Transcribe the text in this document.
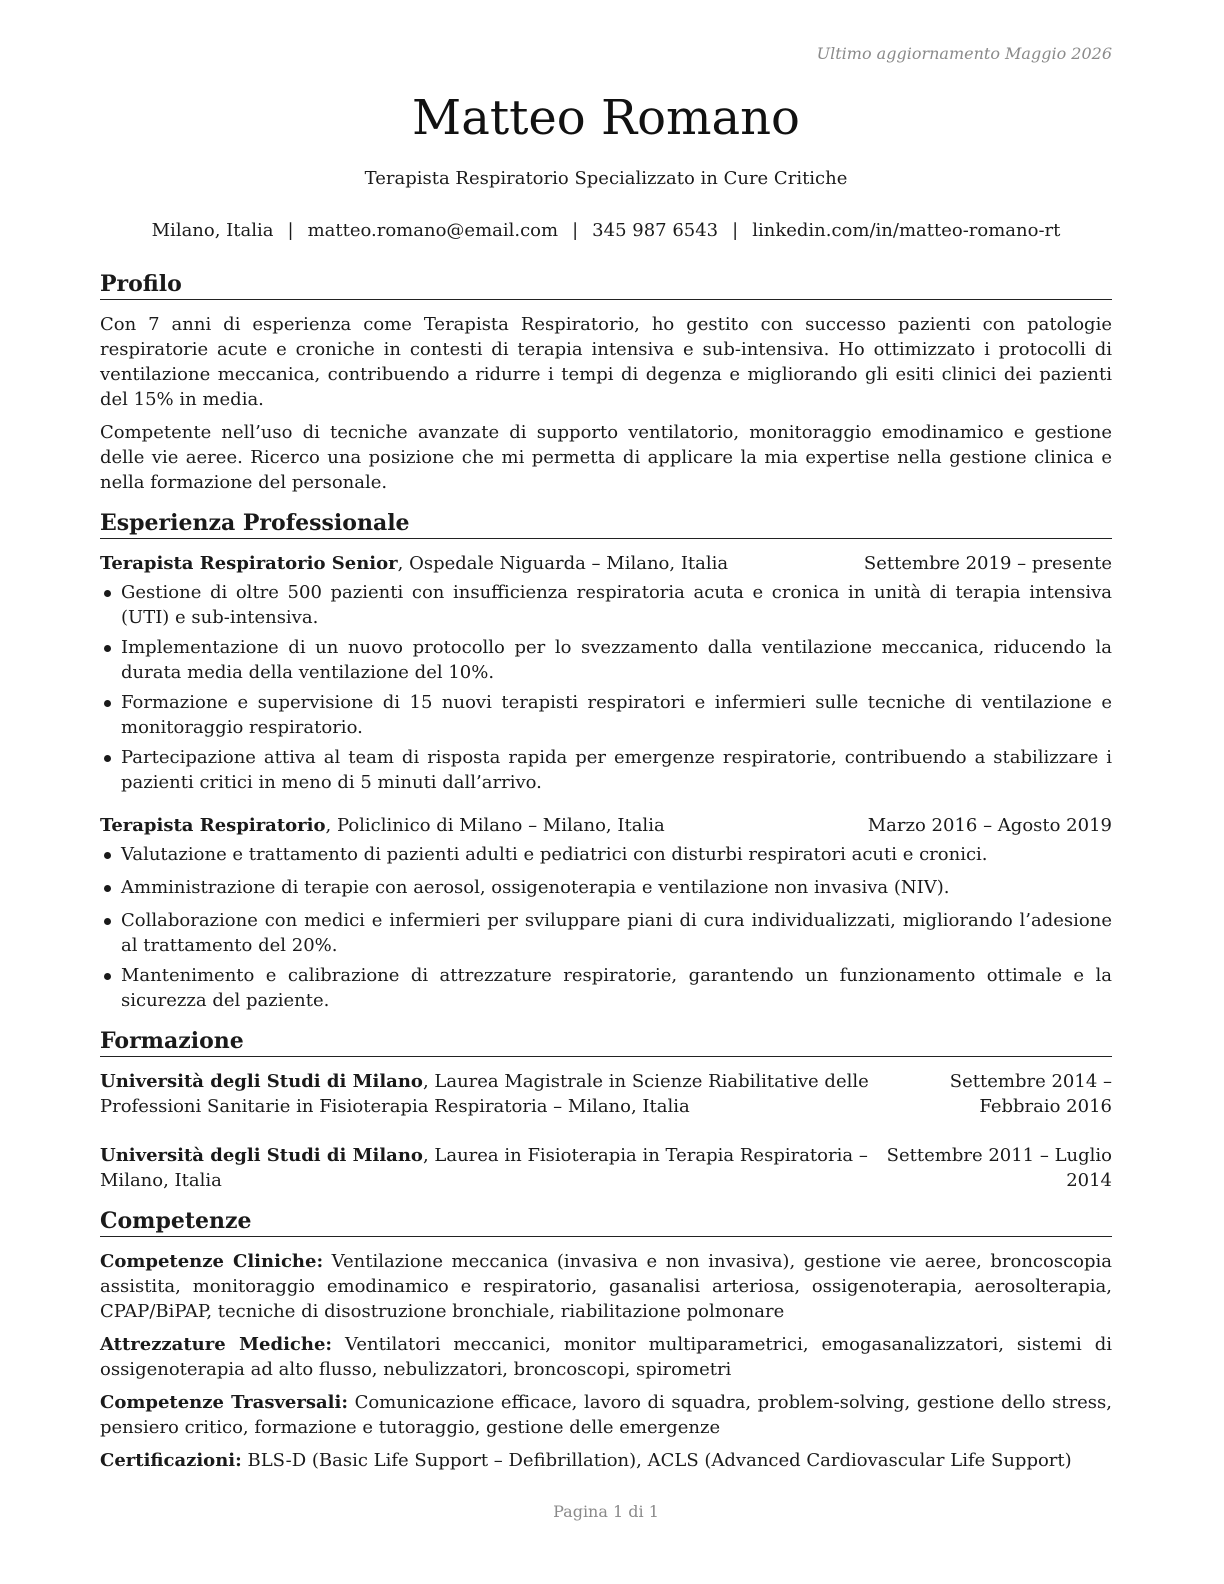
Ultimo aggiornamento Maggio 2026
Matteo Romano
Terapista Respiratorio Specializzato in Cure Critiche
Milano, Italia | matteo.romano@email.com | 345 987 6543 | linkedin.com/in/matteo-romano-rt
Profilo

Con 7 anni di esperienza come Terapista Respiratorio, ho gestito con successo pazienti con patologie respiratorie acute e croniche in contesti di terapia intensiva e sub-intensiva. Ho ottimizzato i protocolli di ventilazione meccanica, contribuendo a ridurre i tempi di degenza e migliorando gli esiti clinici dei pazienti del 15% in media.

Competente nell’uso di tecniche avanzate di supporto ventilatorio, monitoraggio emodinamico e gestione delle vie aeree. Ricerco una posizione che mi permetta di applicare la mia expertise nella gestione clinica e nella formazione del personale.

Esperienza Professionale
Terapista Respiratorio Senior, Ospedale Niguarda – Milano, Italia	Settembre 2019 – presente
Gestione di oltre 500 pazienti con insufficienza respiratoria acuta e cronica in unità di terapia intensiva (UTI) e sub-intensiva.
Implementazione di un nuovo protocollo per lo svezzamento dalla ventilazione meccanica, riducendo la durata media della ventilazione del 10%.
Formazione e supervisione di 15 nuovi terapisti respiratori e infermieri sulle tecniche di ventilazione e monitoraggio respiratorio.
Partecipazione attiva al team di risposta rapida per emergenze respiratorie, contribuendo a stabilizzare i pazienti critici in meno di 5 minuti dall’arrivo.
Terapista Respiratorio, Policlinico di Milano – Milano, Italia	Marzo 2016 – Agosto 2019
Valutazione e trattamento di pazienti adulti e pediatrici con disturbi respiratori acuti e cronici.
Amministrazione di terapie con aerosol, ossigenoterapia e ventilazione non invasiva (NIV).
Collaborazione con medici e infermieri per sviluppare piani di cura individualizzati, migliorando l’adesione al trattamento del 20%.
Mantenimento e calibrazione di attrezzature respiratorie, garantendo un funzionamento ottimale e la sicurezza del paziente.
Formazione
Università degli Studi di Milano, Laurea Magistrale in Scienze Riabilitative delle Professioni Sanitarie in Fisioterapia Respiratoria – Milano, Italia
Settembre 2014 – Febbraio 2016
Università degli Studi di Milano, Laurea in Fisioterapia in Terapia Respiratoria – Milano, Italia
Settembre 2011 – Luglio 2014
Competenze
Competenze Cliniche: Ventilazione meccanica (invasiva e non invasiva), gestione vie aeree, broncoscopia assistita, monitoraggio emodinamico e respiratorio, gasanalisi arteriosa, ossigenoterapia, aerosolterapia, CPAP/BiPAP, tecniche di disostruzione bronchiale, riabilitazione polmonare
Attrezzature Mediche: Ventilatori meccanici, monitor multiparametrici, emogasanalizzatori, sistemi di ossigenoterapia ad alto flusso, nebulizzatori, broncoscopi, spirometri
Competenze Trasversali: Comunicazione efficace, lavoro di squadra, problem-solving, gestione dello stress, pensiero critico, formazione e tutoraggio, gestione delle emergenze
Certificazioni: BLS-D (Basic Life Support – Defibrillation), ACLS (Advanced Cardiovascular Life Support)
Pagina 1 di 1
